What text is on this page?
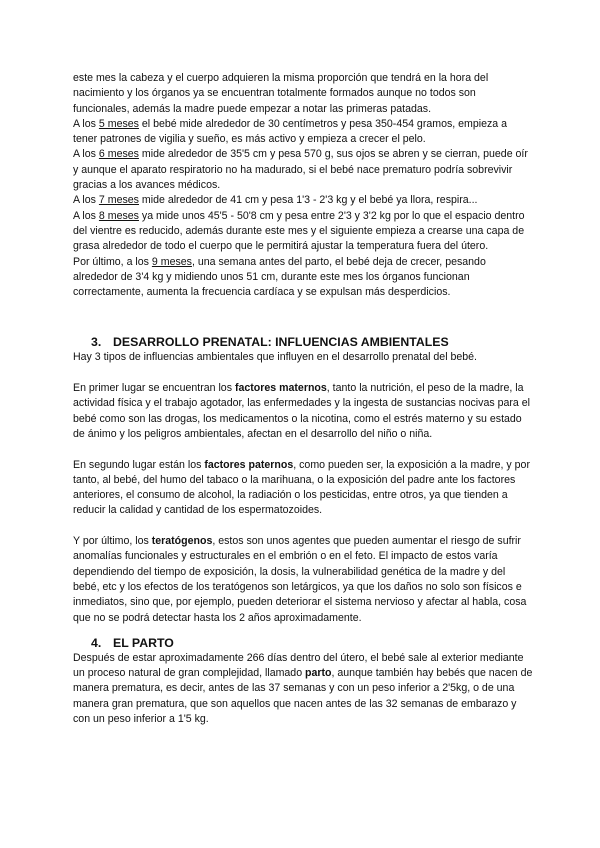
este mes la cabeza y el cuerpo adquieren la misma proporción que tendrá en la hora del nacimiento y los órganos ya se encuentran totalmente formados aunque no todos son funcionales, además la madre puede empezar a notar las primeras patadas.

A los 5 meses el bebé mide alrededor de 30 centímetros y pesa 350-454 gramos, empieza a tener patrones de vigilia y sueño, es más activo y empieza a crecer el pelo.

A los 6 meses mide alrededor de 35'5 cm y pesa 570 g, sus ojos se abren y se cierran, puede oír y aunque el aparato respiratorio no ha madurado, si el bebé nace prematuro podría sobrevivir gracias a los avances médicos.

A los 7 meses mide alrededor de 41 cm y pesa 1'3 - 2'3 kg y el bebé ya llora, respira...

A los 8 meses ya mide unos 45'5 - 50'8 cm y pesa entre 2'3 y 3'2 kg por lo que el espacio dentro del vientre es reducido, además durante este mes y el siguiente empieza a crearse una capa de grasa alrededor de todo el cuerpo que le permitirá ajustar la temperatura fuera del útero.

Por último, a los 9 meses, una semana antes del parto, el bebé deja de crecer, pesando alrededor de 3'4 kg y midiendo unos 51 cm, durante este mes los órganos funcionan correctamente, aumenta la frecuencia cardíaca y se expulsan más desperdicios.

3. DESARROLLO PRENATAL: INFLUENCIAS AMBIENTALES

Hay 3 tipos de influencias ambientales que influyen en el desarrollo prenatal del bebé.

En primer lugar se encuentran los factores maternos, tanto la nutrición, el peso de la madre, la actividad física y el trabajo agotador, las enfermedades y la ingesta de sustancias nocivas para el bebé como son las drogas, los medicamentos o la nicotina, como el estrés materno y su estado de ánimo y los peligros ambientales, afectan en el desarrollo del niño o niña.

En segundo lugar están los factores paternos, como pueden ser, la exposición a la madre, y por tanto, al bebé, del humo del tabaco o la marihuana, o la exposición del padre ante los factores anteriores, el consumo de alcohol, la radiación o los pesticidas, entre otros, ya que tienden a reducir la calidad y cantidad de los espermatozoides.

Y por último, los teratógenos, estos son unos agentes que pueden aumentar el riesgo de sufrir anomalías funcionales y estructurales en el embrión o en el feto. El impacto de estos varía dependiendo del tiempo de exposición, la dosis, la vulnerabilidad genética de la madre y del bebé, etc y los efectos de los teratógenos son letárgicos, ya que los daños no solo son físicos e inmediatos, sino que, por ejemplo, pueden deteriorar el sistema nervioso y afectar al habla, cosa que no se podrá detectar hasta los 2 años aproximadamente.

4. EL PARTO

Después de estar aproximadamente 266 días dentro del útero, el bebé sale al exterior mediante un proceso natural de gran complejidad, llamado parto, aunque también hay bebés que nacen de manera prematura, es decir, antes de las 37 semanas y con un peso inferior a 2'5kg, o de una manera gran prematura, que son aquellos que nacen antes de las 32 semanas de embarazo y con un peso inferior a 1'5 kg.
